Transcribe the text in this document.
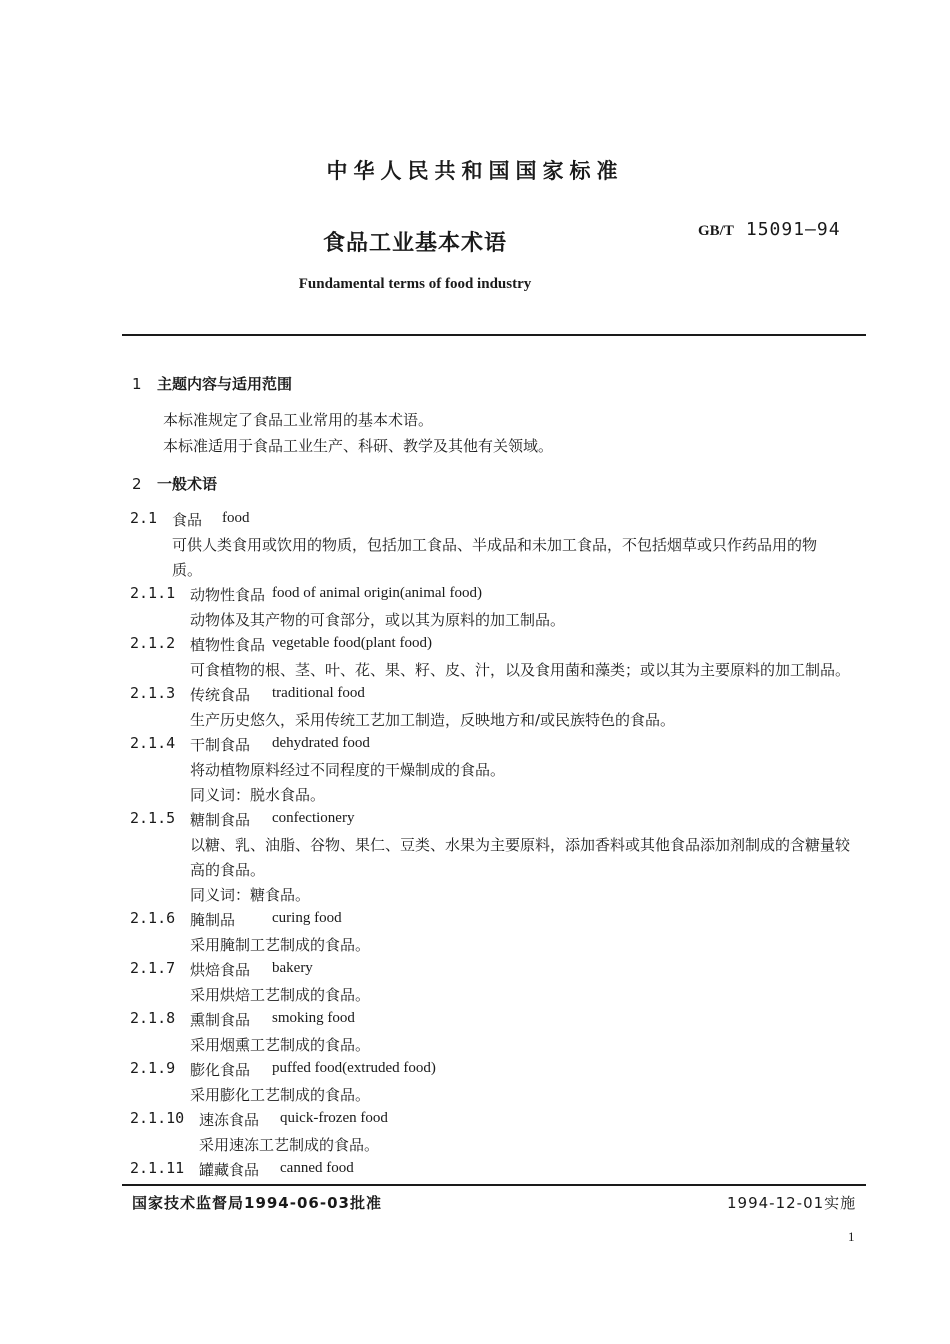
中华人民共和国国家标准
食品工业基本术语	GB/T 15091—94
Fundamental terms of food industry
1 主题内容与适用范围
本标准规定了食品工业常用的基本术语。
本标准适用于食品工业生产、科研、教学及其他有关领域。
2 一般术语
2.1 食品 food
可供人类食用或饮用的物质，包括加工食品、半成品和未加工食品，不包括烟草或只作药品用的物
质。
2.1.1 动物性食品 food of animal origin(animal food)
动物体及其产物的可食部分，或以其为原料的加工制品。
2.1.2 植物性食品 vegetable food(plant food)
可食植物的根、茎、叶、花、果、籽、皮、汁，以及食用菌和藻类；或以其为主要原料的加工制品。
2.1.3 传统食品 traditional food
生产历史悠久，采用传统工艺加工制造，反映地方和/或民族特色的食品。
2.1.4 干制食品 dehydrated food
将动植物原料经过不同程度的干燥制成的食品。
同义词：脱水食品。
2.1.5 糖制食品 confectionery
以糖、乳、油脂、谷物、果仁、豆类、水果为主要原料，添加香料或其他食品添加剂制成的含糖量较
高的食品。
同义词：糖食品。
2.1.6 腌制品 curing food
采用腌制工艺制成的食品。
2.1.7 烘焙食品 bakery
采用烘焙工艺制成的食品。
2.1.8 熏制食品 smoking food
采用烟熏工艺制成的食品。
2.1.9 膨化食品 puffed food(extruded food)
采用膨化工艺制成的食品。
2.1.10 速冻食品 quick-frozen food
采用速冻工艺制成的食品。
2.1.11 罐藏食品 canned food
国家技术监督局1994-06-03批准	1994-12-01实施
1
